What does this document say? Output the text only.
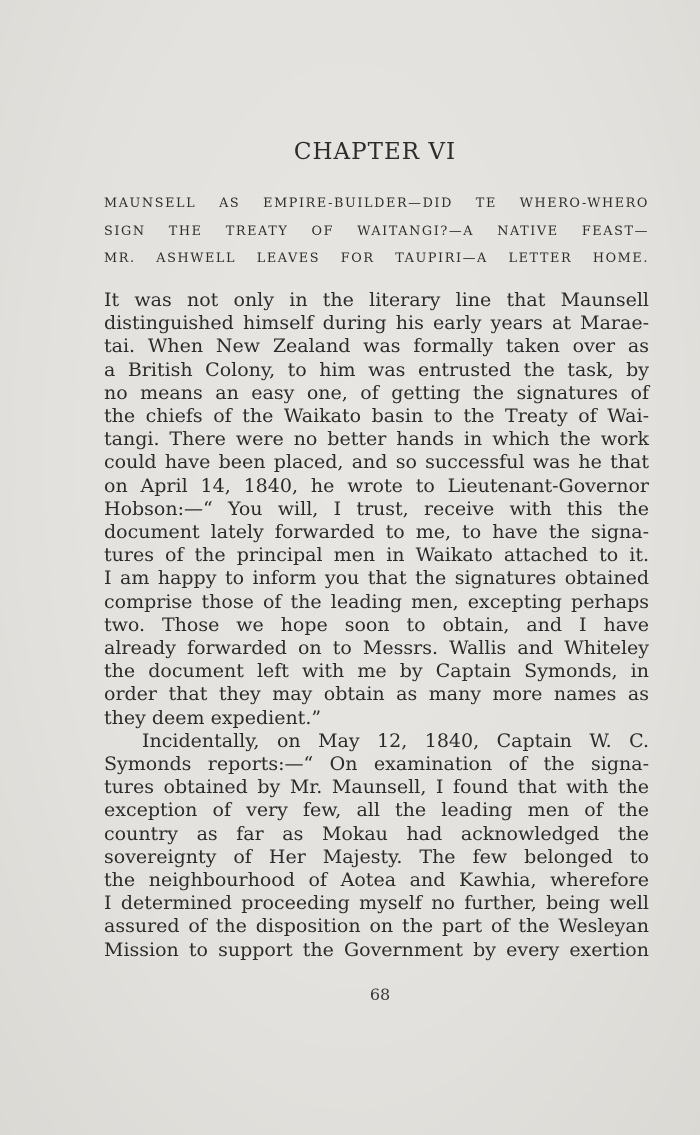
CHAPTER VI
MAUNSELL AS EMPIRE-BUILDER—DID TE WHERO-WHERO
SIGN THE TREATY OF WAITANGI?—A NATIVE FEAST—
MR. ASHWELL LEAVES FOR TAUPIRI—A LETTER HOME.
It was not only in the literary line that Maunsell
distinguished himself during his early years at Marae-
tai. When New Zealand was formally taken over as
a British Colony, to him was entrusted the task, by
no means an easy one, of getting the signatures of
the chiefs of the Waikato basin to the Treaty of Wai-
tangi. There were no better hands in which the work
could have been placed, and so successful was he that
on April 14, 1840, he wrote to Lieutenant-Governor
Hobson:—“ You will, I trust, receive with this the
document lately forwarded to me, to have the signa-
tures of the principal men in Waikato attached to it.
I am happy to inform you that the signatures obtained
comprise those of the leading men, excepting perhaps
two. Those we hope soon to obtain, and I have
already forwarded on to Messrs. Wallis and Whiteley
the document left with me by Captain Symonds, in
order that they may obtain as many more names as
they deem expedient.”
Incidentally, on May 12, 1840, Captain W. C.
Symonds reports:—“ On examination of the signa-
tures obtained by Mr. Maunsell, I found that with the
exception of very few, all the leading men of the
country as far as Mokau had acknowledged the
sovereignty of Her Majesty. The few belonged to
the neighbourhood of Aotea and Kawhia, wherefore
I determined proceeding myself no further, being well
assured of the disposition on the part of the Wesleyan
Mission to support the Government by every exertion
68
